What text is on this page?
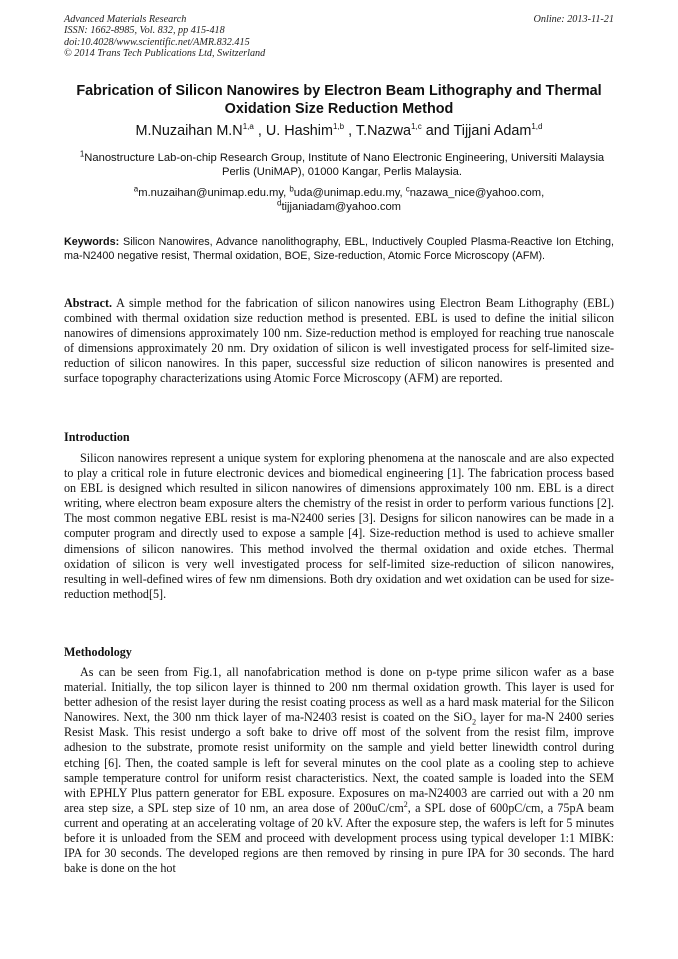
Advanced Materials Research
ISSN: 1662-8985, Vol. 832, pp 415-418
doi:10.4028/www.scientific.net/AMR.832.415
© 2014 Trans Tech Publications Ltd, Switzerland
Online: 2013-11-21
Fabrication of Silicon Nanowires by Electron Beam Lithography and Thermal Oxidation Size Reduction Method
M.Nuzaihan $M.N^{1,a}$ , U. Hashim$^{1,b}$ , T.Nazwa$^{1,c}$ and Tijjani Adam$^{1,d}$
$^1$Nanostructure Lab-on-chip Research Group, Institute of Nano Electronic Engineering, Universiti Malaysia Perlis (UniMAP), 01000 Kangar, Perlis Malaysia.
$^a$m.nuzaihan@unimap.edu.my, $^b$uda@unimap.edu.my, $^c$nazawa_nice@yahoo.com,
$^d$tijjaniadam@yahoo.com
Keywords: Silicon Nanowires, Advance nanolithography, EBL, Inductively Coupled Plasma-Reactive Ion Etching, ma-N2400 negative resist, Thermal oxidation, BOE, Size-reduction, Atomic Force Microscopy (AFM).
Abstract. A simple method for the fabrication of silicon nanowires using Electron Beam Lithography (EBL) combined with thermal oxidation size reduction method is presented. EBL is used to define the initial silicon nanowires of dimensions approximately 100 nm. Size-reduction method is employed for reaching true nanoscale of dimensions approximately 20 nm. Dry oxidation of silicon is well investigated process for self-limited size-reduction of silicon nanowires. In this paper, successful size reduction of silicon nanowires is presented and surface topography characterizations using Atomic Force Microscopy (AFM) are reported.
Introduction
Silicon nanowires represent a unique system for exploring phenomena at the nanoscale and are also expected to play a critical role in future electronic devices and biomedical engineering [1]. The fabrication process based on EBL is designed which resulted in silicon nanowires of dimensions approximately 100 nm. EBL is a direct writing, where electron beam exposure alters the chemistry of the resist in order to perform various functions [2]. The most common negative EBL resist is ma-N2400 series [3]. Designs for silicon nanowires can be made in a computer program and directly used to expose a sample [4]. Size-reduction method is used to achieve smaller dimensions of silicon nanowires. This method involved the thermal oxidation and oxide etches. Thermal oxidation of silicon is very well investigated process for self-limited size-reduction of silicon nanowires, resulting in well-defined wires of few nm dimensions. Both dry oxidation and wet oxidation can be used for size-reduction method[5].
Methodology
As can be seen from Fig.1, all nanofabrication method is done on p-type prime silicon wafer as a base material. Initially, the top silicon layer is thinned to 200 nm thermal oxidation growth. This layer is used for better adhesion of the resist layer during the resist coating process as well as a hard mask material for the Silicon Nanowires. Next, the 300 nm thick layer of ma-N2403 resist is coated on the SiO$_2$ layer for ma-N 2400 series Resist Mask. This resist undergo a soft bake to drive off most of the solvent from the resist film, improve adhesion to the substrate, promote resist uniformity on the sample and yield better linewidth control during etching [6]. Then, the coated sample is left for several minutes on the cool plate as a cooling step to achieve sample temperature control for uniform resist characteristics. Next, the coated sample is loaded into the SEM with EPHLY Plus pattern generator for EBL exposure. Exposures on ma-N24003 are carried out with a 20 nm area step size, a SPL step size of 10 nm, an area dose of $200uC/cm^2$, a SPL dose of 600pC/cm, a 75pA beam current and operating at an accelerating voltage of 20 kV. After the exposure step, the wafers is left for 5 minutes before it is unloaded from the SEM and proceed with development process using typical developer 1:1 MIBK: IPA for 30 seconds. The developed regions are then removed by rinsing in pure IPA for 30 seconds. The hard bake is done on the hot
